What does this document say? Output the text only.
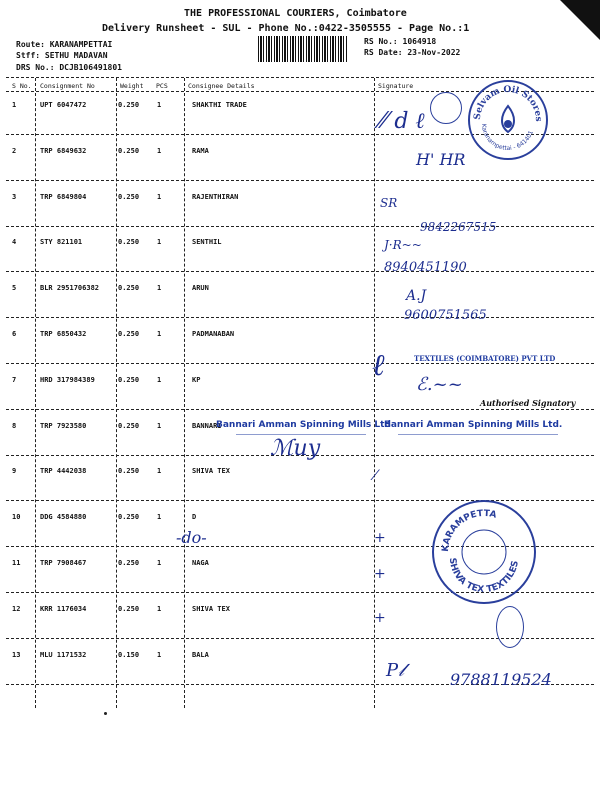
THE PROFESSIONAL COURIERS, Coimbatore
Delivery Runsheet - SUL - Phone No.:0422-3505555 - Page No.:1
Route: KARANAMPETTAI
Stff: SETHU MADAVAN
DRS No.: DCJB106491801
RS No.: 1064918
RS Date: 23-Nov-2022
S No. Consignment No	Weight PCS	Consignee Details	Signature
1	UPT 6047472	0.250	1	SHAKTHI TRADE
2	TRP 6849632	0.250	1	RAMA
3	TRP 6849804	0.250	1	RAJENTHIRAN
4	STY 821101	0.250	1	SENTHIL
5	BLR 2951706382	0.250	1	ARUN
6	TRP 6850432	0.250	1	PADMANABAN
7	HRD 317984389	0.250	1	KP
8	TRP 7923580	0.250	1	BANNARI
9	TRP 4442038	0.250	1	SHIVA TEX
10	DDG 4584880	0.250	1	D
11	TRP 7908467	0.250	1	NAGA
12	KRR 1176034	0.250	1	SHIVA TEX
13	MLU 1171532	0.150	1	BALA
Selvam Oil Stores
Karanampettai - 641401
⁄⁄ d ℓ
H' HR
SR
9842267515
J·R~~
8940451190
A.J
9600751565
TEXTILES (COIMBATORE) PVT LTD
ℓ
ℰ.~~
Authorised Signatory
Bannari Amman Spinning Mills Ltd
Bannari Amman Spinning Mills Ltd.
ℳuy
-do-
KARAMPETTA
SHIVA TEX TEXTILES
⁄
+
+
+
P𝓁	9788119524
